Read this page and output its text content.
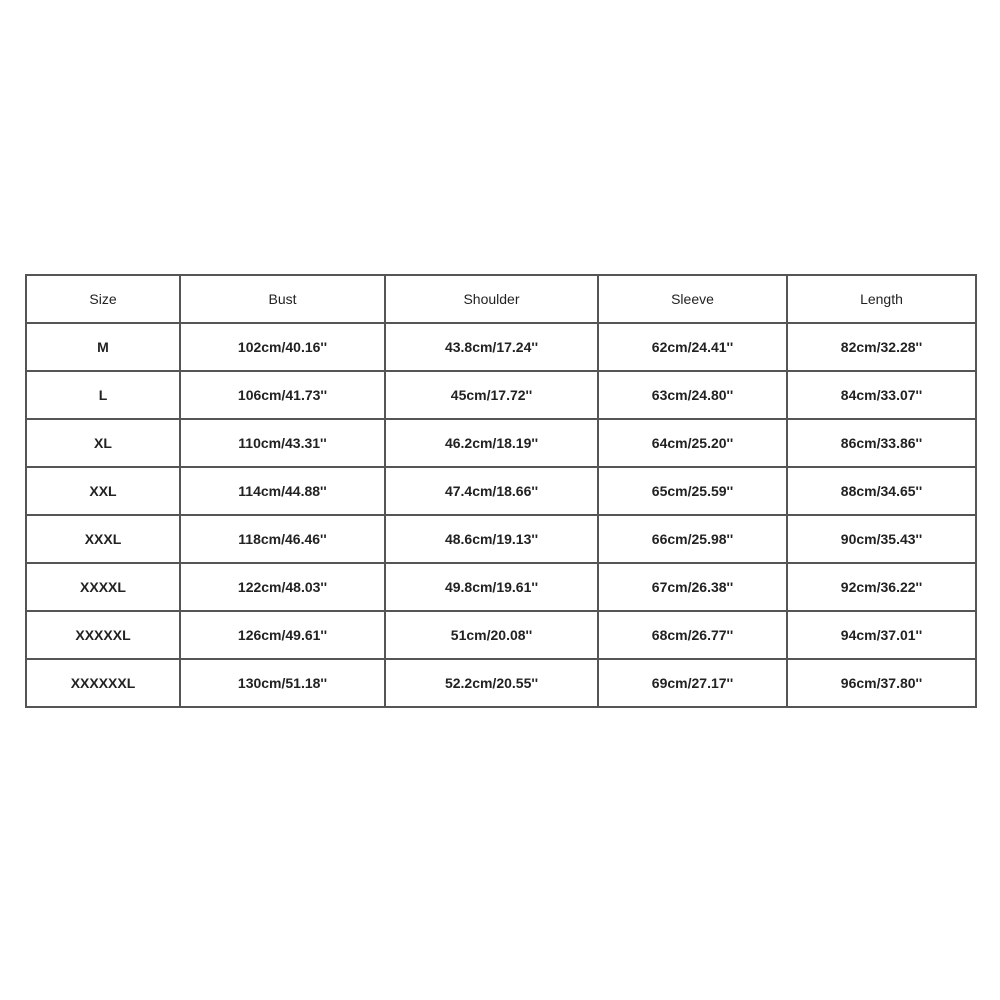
Size	Bust	Shoulder	Sleeve	Length
M	102cm/40.16''	43.8cm/17.24''	62cm/24.41''	82cm/32.28''
L	106cm/41.73''	45cm/17.72''	63cm/24.80''	84cm/33.07''
XL	110cm/43.31''	46.2cm/18.19''	64cm/25.20''	86cm/33.86''
XXL	114cm/44.88''	47.4cm/18.66''	65cm/25.59''	88cm/34.65''
XXXL	118cm/46.46''	48.6cm/19.13''	66cm/25.98''	90cm/35.43''
XXXXL	122cm/48.03''	49.8cm/19.61''	67cm/26.38''	92cm/36.22''
XXXXXL	126cm/49.61''	51cm/20.08''	68cm/26.77''	94cm/37.01''
XXXXXXL	130cm/51.18''	52.2cm/20.55''	69cm/27.17''	96cm/37.80''
